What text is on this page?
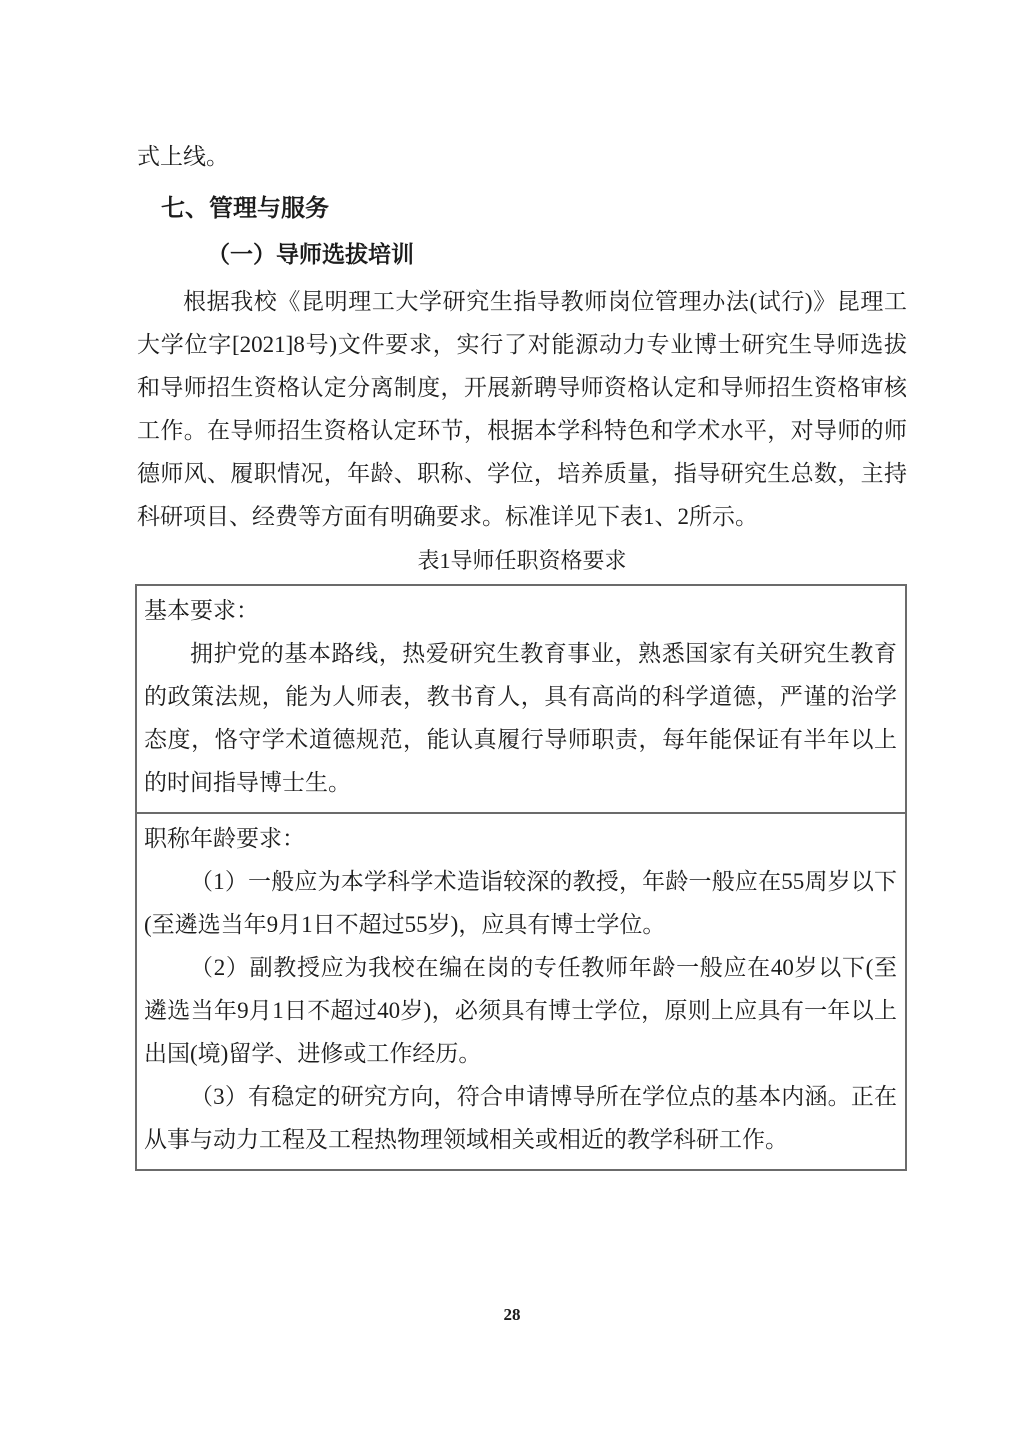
式上线。

七、管理与服务
（一）导师选拔培训

根据我校《昆明理工大学研究生指导教师岗位管理办法(试行)》昆理工大学位字[2021]8号)文件要求，实行了对能源动力专业博士研究生导师选拔和导师招生资格认定分离制度，开展新聘导师资格认定和导师招生资格审核工作。在导师招生资格认定环节，根据本学科特色和学术水平，对导师的师德师风、履职情况，年龄、职称、学位，培养质量，指导研究生总数，主持科研项目、经费等方面有明确要求。标准详见下表1、2所示。

表1导师任职资格要求

基本要求：

拥护党的基本路线，热爱研究生教育事业，熟悉国家有关研究生教育的政策法规，能为人师表，教书育人，具有高尚的科学道德，严谨的治学态度，恪守学术道德规范，能认真履行导师职责，每年能保证有半年以上的时间指导博士生。

职称年龄要求：

（1）一般应为本学科学术造诣较深的教授，年龄一般应在55周岁以下(至遴选当年9月1日不超过55岁)，应具有博士学位。

（2）副教授应为我校在编在岗的专任教师年龄一般应在40岁以下(至遴选当年9月1日不超过40岁)，必须具有博士学位，原则上应具有一年以上出国(境)留学、进修或工作经历。

（3）有稳定的研究方向，符合申请博导所在学位点的基本内涵。正在从事与动力工程及工程热物理领域相关或相近的教学科研工作。

28
